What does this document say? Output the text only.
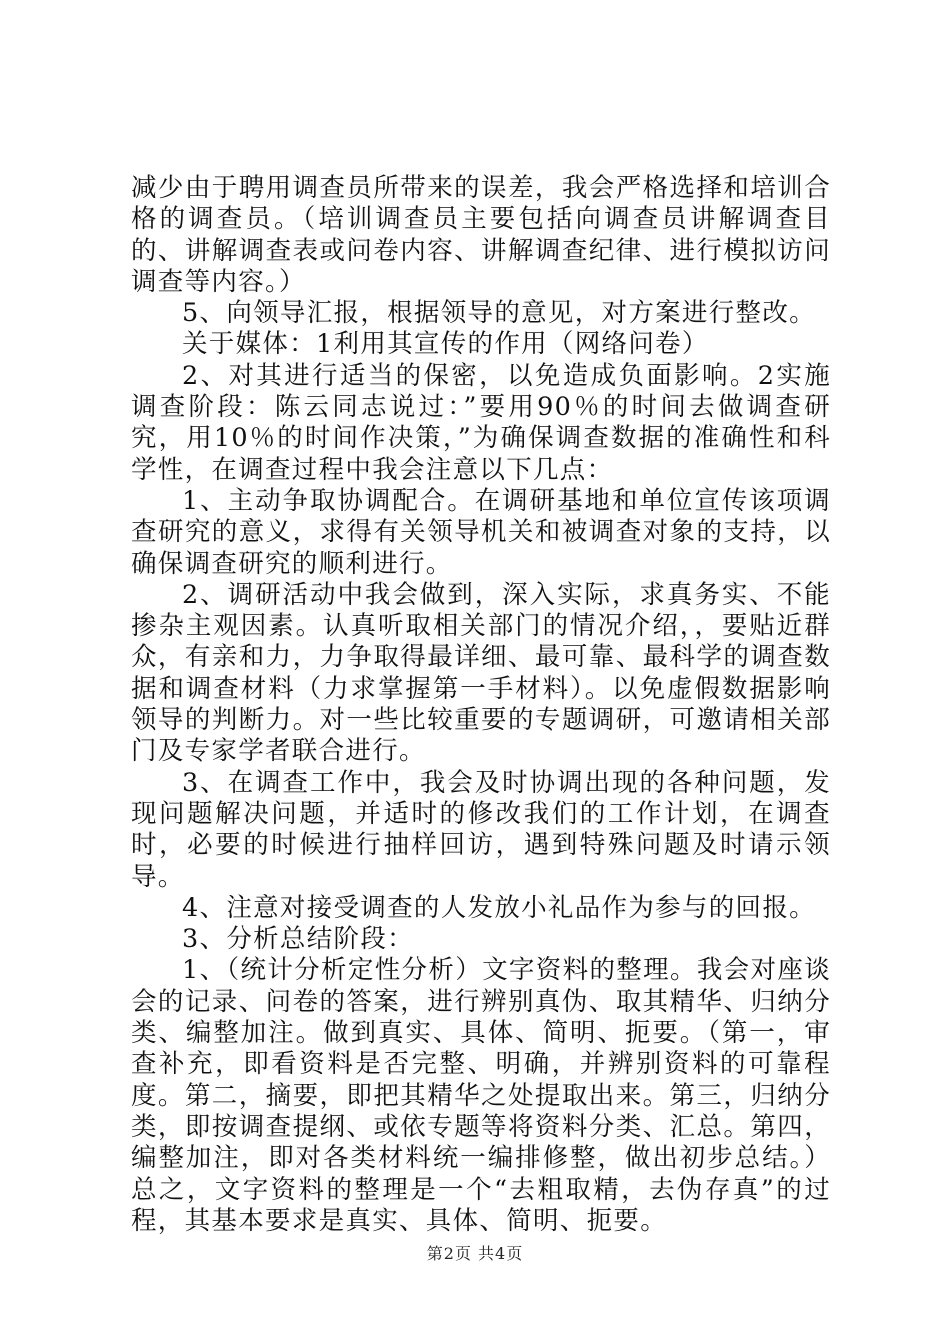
减少由于聘用调查员所带来的误差，我会严格选择和培训合格的调查员。（培训调查员主要包括向调查员讲解调查目的、讲解调查表或问卷内容、讲解调查纪律、进行模拟访问调查等内容。）

5、向领导汇报，根据领导的意见，对方案进行整改。

关于媒体：1利用其宣传的作用（网络问卷）

2、对其进行适当的保密，以免造成负面影响。2实施调查阶段：陈云同志说过：”要用90％的时间去做调查研究，用10％的时间作决策，”为确保调查数据的准确性和科学性，在调查过程中我会注意以下几点：

1、主动争取协调配合。在调研基地和单位宣传该项调查研究的意义，求得有关领导机关和被调查对象的支持，以确保调查研究的顺利进行。

2、调研活动中我会做到，深入实际，求真务实、不能掺杂主观因素。认真听取相关部门的情况介绍，，要贴近群众，有亲和力，力争取得最详细、最可靠、最科学的调查数据和调查材料（力求掌握第一手材料）。以免虚假数据影响领导的判断力。对一些比较重要的专题调研，可邀请相关部门及专家学者联合进行。

3、在调查工作中，我会及时协调出现的各种问题，发现问题解决问题，并适时的修改我们的工作计划，在调查时，必要的时候进行抽样回访，遇到特殊问题及时请示领导。

4、注意对接受调查的人发放小礼品作为参与的回报。

3、分析总结阶段：

1、（统计分析定性分析）文字资料的整理。我会对座谈会的记录、问卷的答案，进行辨别真伪、取其精华、归纳分类、编整加注。做到真实、具体、简明、扼要。（第一，审查补充，即看资料是否完整、明确，并辨别资料的可靠程度。第二，摘要，即把其精华之处提取出来。第三，归纳分类，即按调查提纲、或依专题等将资料分类、汇总。第四，编整加注，即对各类材料统一编排修整，做出初步总结。）总之，文字资料的整理是一个“去粗取精，去伪存真”的过程，其基本要求是真实、具体、简明、扼要。

第2页 共4页
